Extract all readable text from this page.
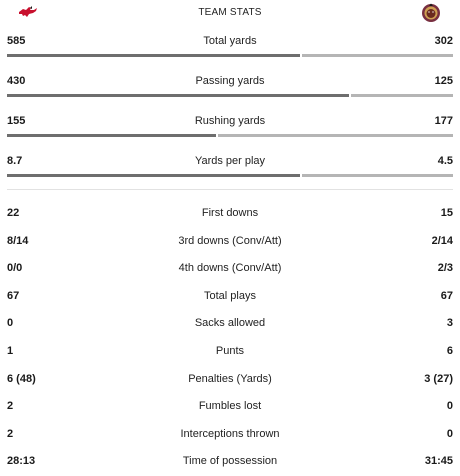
TEAM STATS
585	Total yards	302
430	Passing yards	125
155	Rushing yards	177
8.7	Yards per play	4.5
22	First downs	15
8/14	3rd downs (Conv/Att)	2/14
0/0	4th downs (Conv/Att)	2/3
67	Total plays	67
0	Sacks allowed	3
1	Punts	6
6 (48)	Penalties (Yards)	3 (27)
2	Fumbles lost	0
2	Interceptions thrown	0
28:13	Time of possession	31:45
